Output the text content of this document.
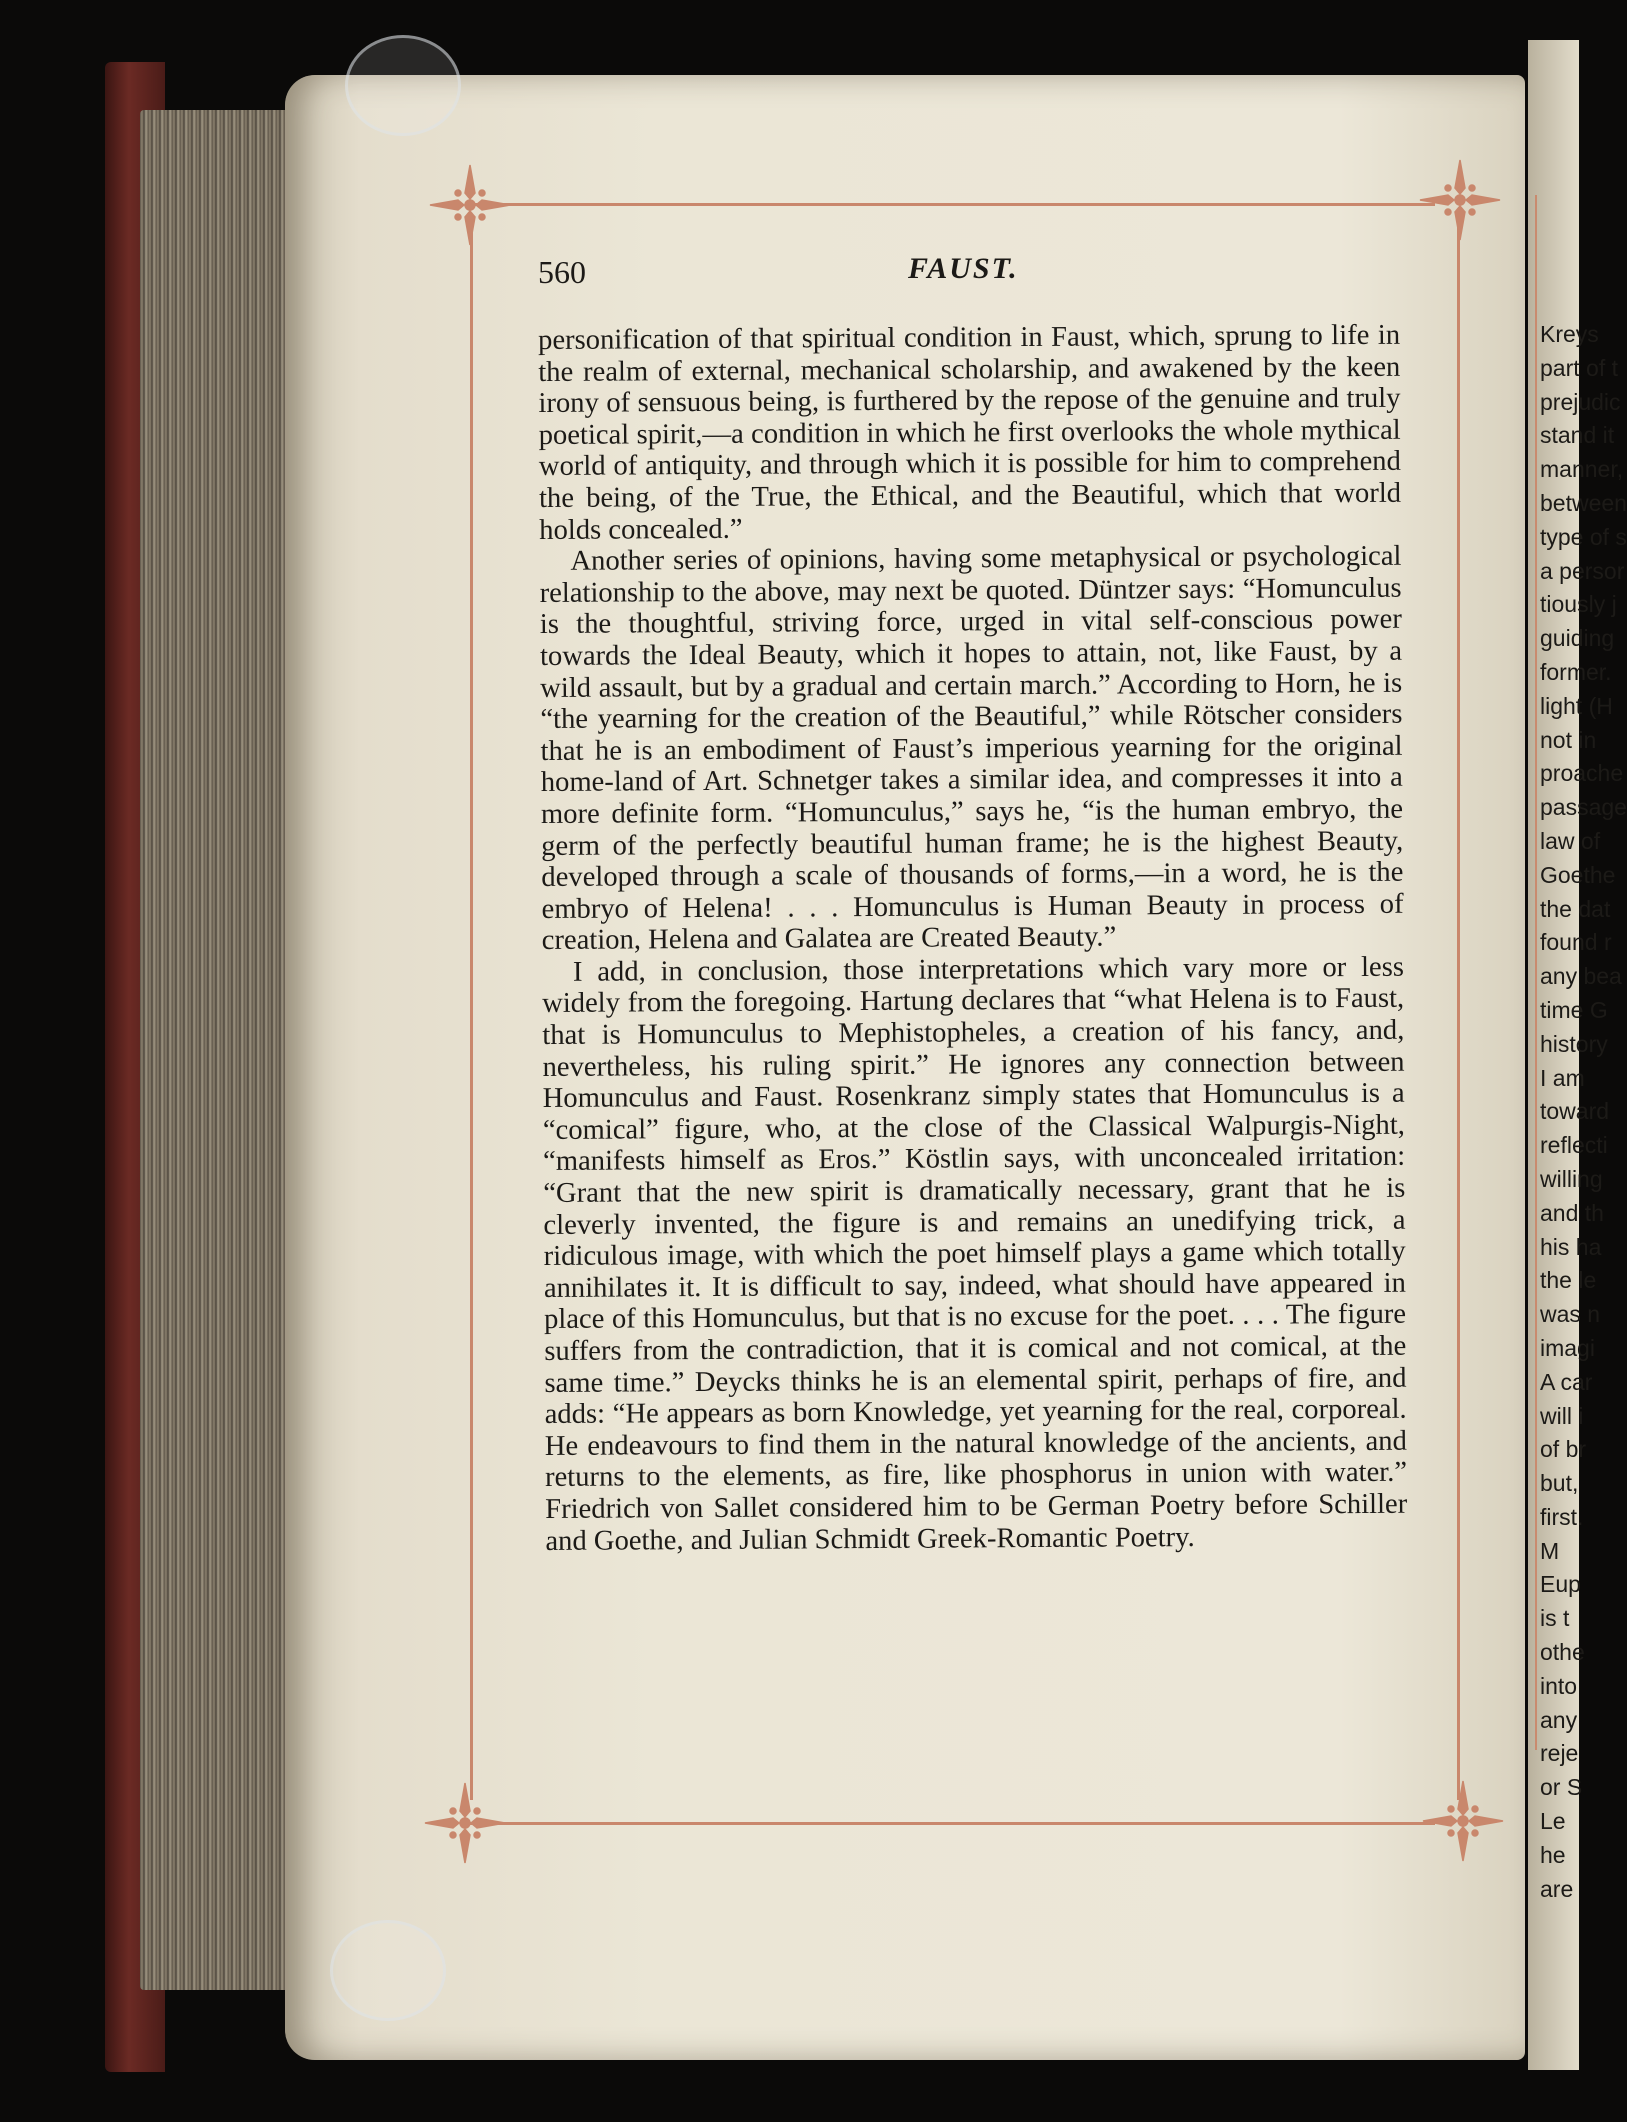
560	FAUST.

personification of that spiritual condition in Faust, which, sprung to life in the realm of external, mechanical scholarship, and awakened by the keen irony of sensuous being, is furthered by the repose of the genuine and truly poetical spirit,—a condition in which he first overlooks the whole mythical world of antiquity, and through which it is possible for him to comprehend the being, of the True, the Ethical, and the Beautiful, which that world holds concealed.”

Another series of opinions, having some metaphysical or psychological relationship to the above, may next be quoted. Düntzer says: “Homunculus is the thoughtful, striving force, urged in vital self-conscious power towards the Ideal Beauty, which it hopes to attain, not, like Faust, by a wild assault, but by a gradual and certain march.” According to Horn, he is “the yearning for the creation of the Beautiful,” while Rötscher considers that he is an embodiment of Faust’s imperious yearning for the original home-land of Art. Schnetger takes a similar idea, and compresses it into a more definite form. “Homunculus,” says he, “is the human embryo, the germ of the perfectly beautiful human frame; he is the highest Beauty, developed through a scale of thousands of forms,—in a word, he is the embryo of Helena! . . . Homunculus is Human Beauty in process of creation, Helena and Galatea are Created Beauty.”

I add, in conclusion, those interpretations which vary more or less widely from the foregoing. Hartung declares that “what Helena is to Faust, that is Homunculus to Mephistopheles, a creation of his fancy, and, nevertheless, his ruling spirit.” He ignores any connection between Homunculus and Faust. Rosenkranz simply states that Homunculus is a “comical” figure, who, at the close of the Classical Walpurgis-Night, “manifests himself as Eros.” Köstlin says, with unconcealed irritation: “Grant that the new spirit is dramatically necessary, grant that he is cleverly invented, the figure is and remains an unedifying trick, a ridiculous image, with which the poet himself plays a game which totally annihilates it. It is difficult to say, indeed, what should have appeared in place of this Homunculus, but that is no excuse for the poet. . . . The figure suffers from the contradiction, that it is comical and not comical, at the same time.” Deycks thinks he is an elemental spirit, perhaps of fire, and adds: “He appears as born Knowledge, yet yearning for the real, corporeal. He endeavours to find them in the natural knowledge of the ancients, and returns to the elements, as fire, like phosphorus in union with water.” Friedrich von Sallet considered him to be German Poetry before Schiller and Goethe, and Julian Schmidt Greek-Romantic Poetry.

Kreys
part of t
prejudic
stand it
manner,
between
type of s
a persor
tiously j
guiding
former.
light (H
not in
proache
passage
law of
Goethe
the dat
found r
any bea
time G
history
I am
toward
reflecti
willing
and th
his ha
the le
was n
imagi
A car
will i
of br
but,
first.
M
Eup
is t
othe
into
any
reje
or S
Le
he
are
